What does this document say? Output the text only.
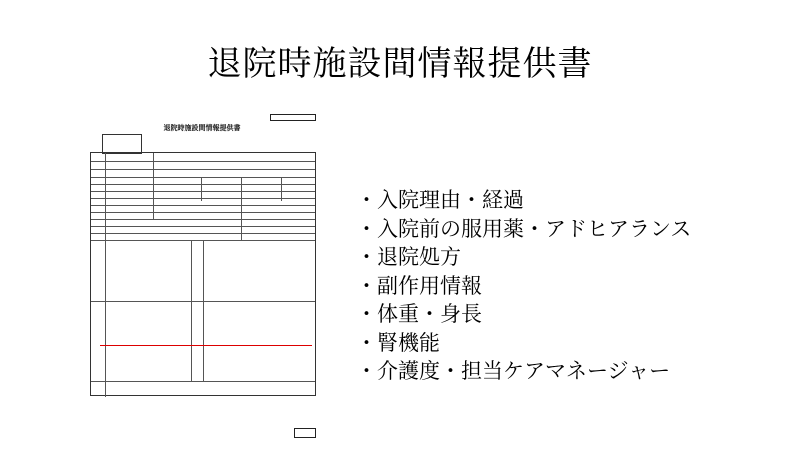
退院時施設間情報提供書
退院時施設間情報提供書
・入院理由・経過
・入院前の服用薬・アドヒアランス
・退院処方
・副作用情報
・体重・身長
・腎機能
・介護度・担当ケアマネージャー
